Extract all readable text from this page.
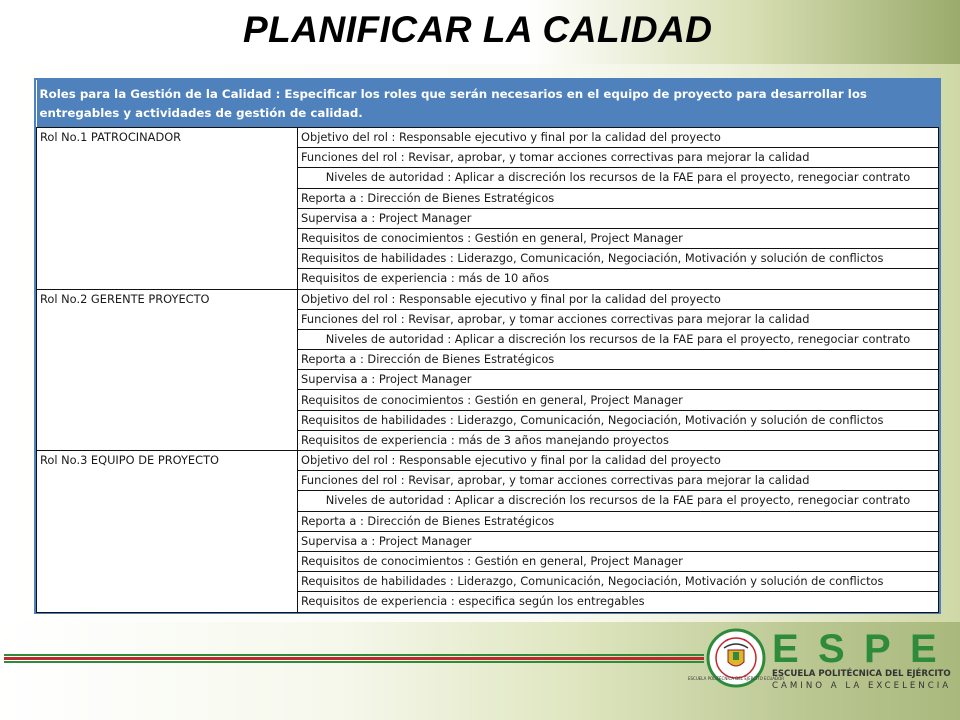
PLANIFICAR LA CALIDAD
Roles para la Gestión de la Calidad : Especificar los roles que serán necesarios en el equipo de proyecto para desarrollar los entregables y actividades de gestión de calidad.	
Rol No.1 PATROCINADOR	Objetivo del rol : Responsable ejecutivo y final por la calidad del proyecto
	Funciones del rol : Revisar, aprobar, y tomar acciones correctivas para mejorar la calidad
	Niveles de autoridad : Aplicar a discreción los recursos de la FAE para el proyecto, renegociar contrato
	Reporta a : Dirección de Bienes Estratégicos
	Supervisa a : Project Manager
	Requisitos de conocimientos : Gestión en general, Project Manager
	Requisitos de habilidades : Liderazgo, Comunicación, Negociación, Motivación y solución de conflictos
	Requisitos de experiencia : más de 10 años
Rol No.2 GERENTE PROYECTO	Objetivo del rol : Responsable ejecutivo y final por la calidad del proyecto
	Funciones del rol : Revisar, aprobar, y tomar acciones correctivas para mejorar la calidad
	Niveles de autoridad : Aplicar a discreción los recursos de la FAE para el proyecto, renegociar contrato
	Reporta a : Dirección de Bienes Estratégicos
	Supervisa a : Project Manager
	Requisitos de conocimientos : Gestión en general, Project Manager
	Requisitos de habilidades : Liderazgo, Comunicación, Negociación, Motivación y solución de conflictos
	Requisitos de experiencia : más de 3 años manejando proyectos
Rol No.3 EQUIPO DE PROYECTO	Objetivo del rol : Responsable ejecutivo y final por la calidad del proyecto
	Funciones del rol : Revisar, aprobar, y tomar acciones correctivas para mejorar la calidad
	Niveles de autoridad : Aplicar a discreción los recursos de la FAE para el proyecto, renegociar contrato
	Reporta a : Dirección de Bienes Estratégicos
	Supervisa a : Project Manager
	Requisitos de conocimientos : Gestión en general, Project Manager
	Requisitos de habilidades : Liderazgo, Comunicación, Negociación, Motivación y solución de conflictos
	Requisitos de experiencia : especifica según los entregables
ESCUELA POLITÉCNICA DEL EJÉRCITO ECUADOR
E S P E
ESCUELA POLITÉCNICA DEL EJÉRCITO
CAMINO A LA EXCELENCIA
